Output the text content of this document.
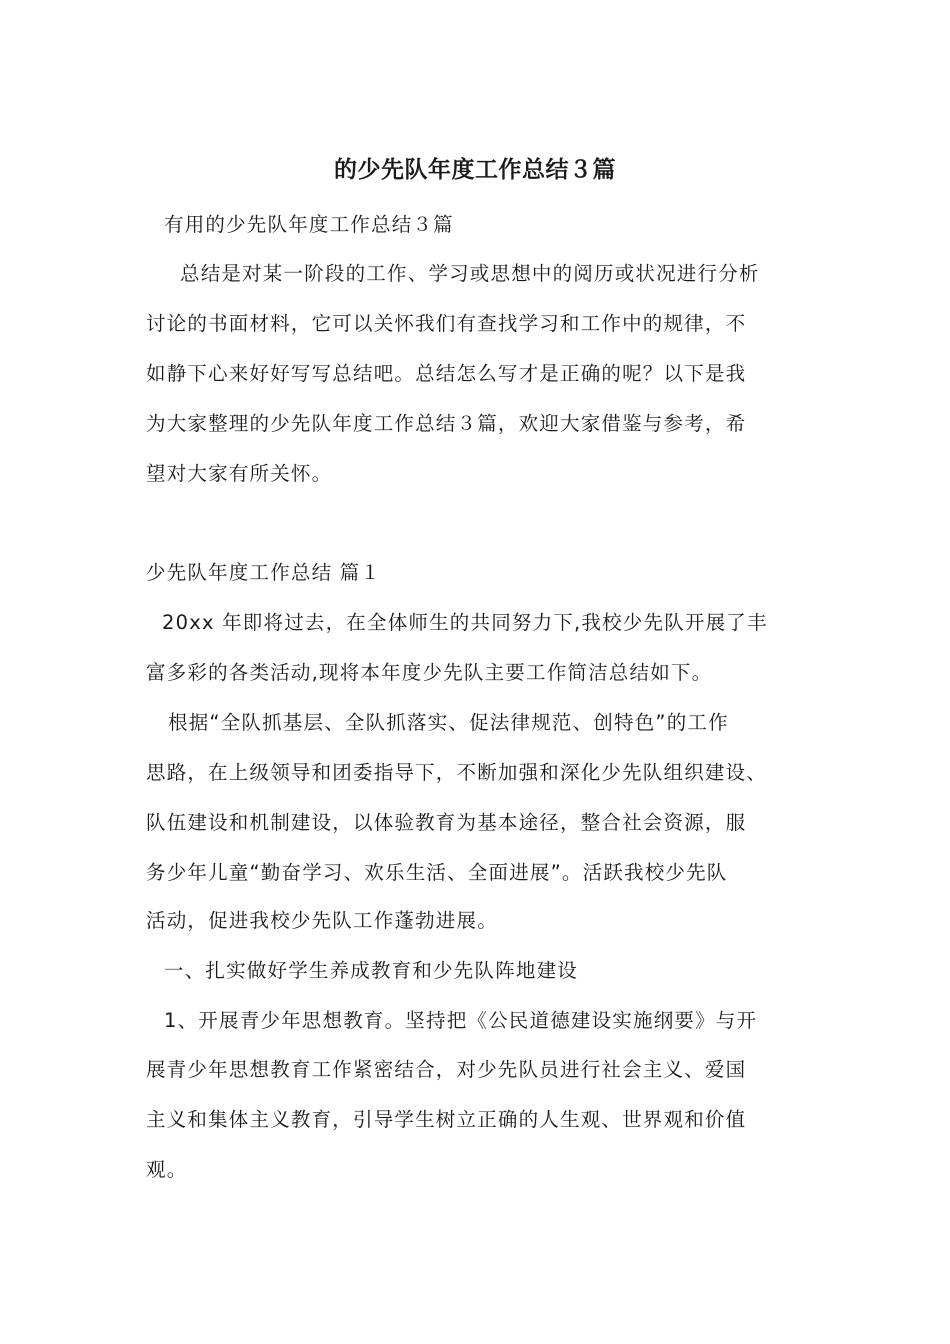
的少先队年度工作总结３篇
有用的少先队年度工作总结３篇
总结是对某一阶段的工作、学习或思想中的阅历或状况进行分析
讨论的书面材料，它可以关怀我们有查找学习和工作中的规律，不
如静下心来好好写写总结吧。总结怎么写才是正确的呢？以下是我
为大家整理的少先队年度工作总结３篇，欢迎大家借鉴与参考，希
望对大家有所关怀。
少先队年度工作总结 篇１
20xx 年即将过去，在全体师生的共同努力下,我校少先队开展了丰
富多彩的各类活动,现将本年度少先队主要工作简洁总结如下。
根据“全队抓基层、全队抓落实、促法律规范、创特色”的工作
思路，在上级领导和团委指导下，不断加强和深化少先队组织建设、
队伍建设和机制建设，以体验教育为基本途径，整合社会资源，服
务少年儿童“勤奋学习、欢乐生活、全面进展”。活跃我校少先队
活动，促进我校少先队工作蓬勃进展。
一、扎实做好学生养成教育和少先队阵地建设
1、开展青少年思想教育。坚持把《公民道德建设实施纲要》与开
展青少年思想教育工作紧密结合，对少先队员进行社会主义、爱国
主义和集体主义教育，引导学生树立正确的人生观、世界观和价值
观。
